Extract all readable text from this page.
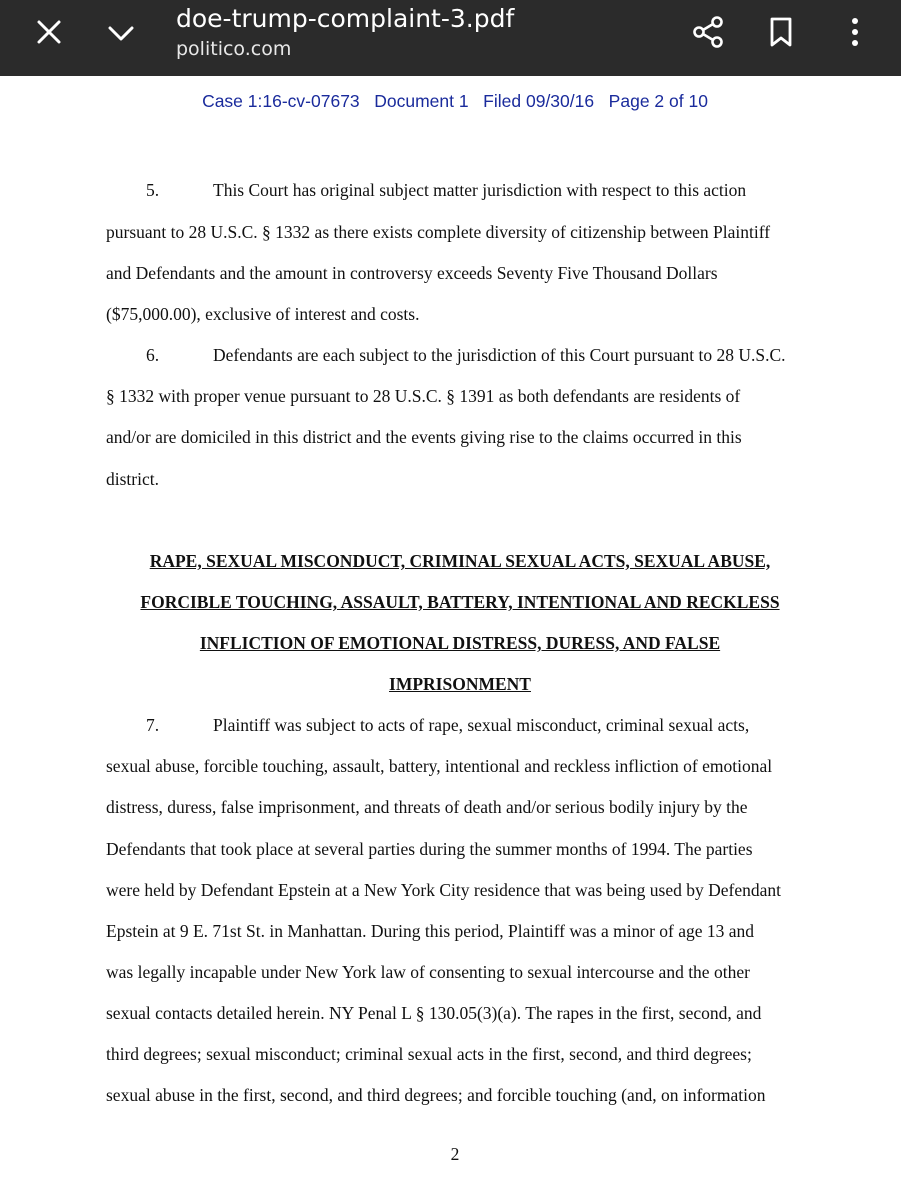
doe-trump-complaint-3.pdf
politico.com
Case 1:16-cv-07673   Document 1   Filed 09/30/16   Page 2 of 10
5.	This Court has original subject matter jurisdiction with respect to this action
pursuant to 28 U.S.C. § 1332 as there exists complete diversity of citizenship between Plaintiff
and Defendants and the amount in controversy exceeds Seventy Five Thousand Dollars
($75,000.00), exclusive of interest and costs.
6.	Defendants are each subject to the jurisdiction of this Court pursuant to 28 U.S.C.
§ 1332 with proper venue pursuant to 28 U.S.C. § 1391 as both defendants are residents of
and/or are domiciled in this district and the events giving rise to the claims occurred in this
district.
RAPE, SEXUAL MISCONDUCT, CRIMINAL SEXUAL ACTS, SEXUAL ABUSE,
FORCIBLE TOUCHING, ASSAULT, BATTERY, INTENTIONAL AND RECKLESS
INFLICTION OF EMOTIONAL DISTRESS, DURESS, AND FALSE
IMPRISONMENT
7.	Plaintiff was subject to acts of rape, sexual misconduct, criminal sexual acts,
sexual abuse, forcible touching, assault, battery, intentional and reckless infliction of emotional
distress, duress, false imprisonment, and threats of death and/or serious bodily injury by the
Defendants that took place at several parties during the summer months of 1994. The parties
were held by Defendant Epstein at a New York City residence that was being used by Defendant
Epstein at 9 E. 71st St. in Manhattan. During this period, Plaintiff was a minor of age 13 and
was legally incapable under New York law of consenting to sexual intercourse and the other
sexual contacts detailed herein. NY Penal L § 130.05(3)(a). The rapes in the first, second, and
third degrees; sexual misconduct; criminal sexual acts in the first, second, and third degrees;
sexual abuse in the first, second, and third degrees; and forcible touching (and, on information
2
